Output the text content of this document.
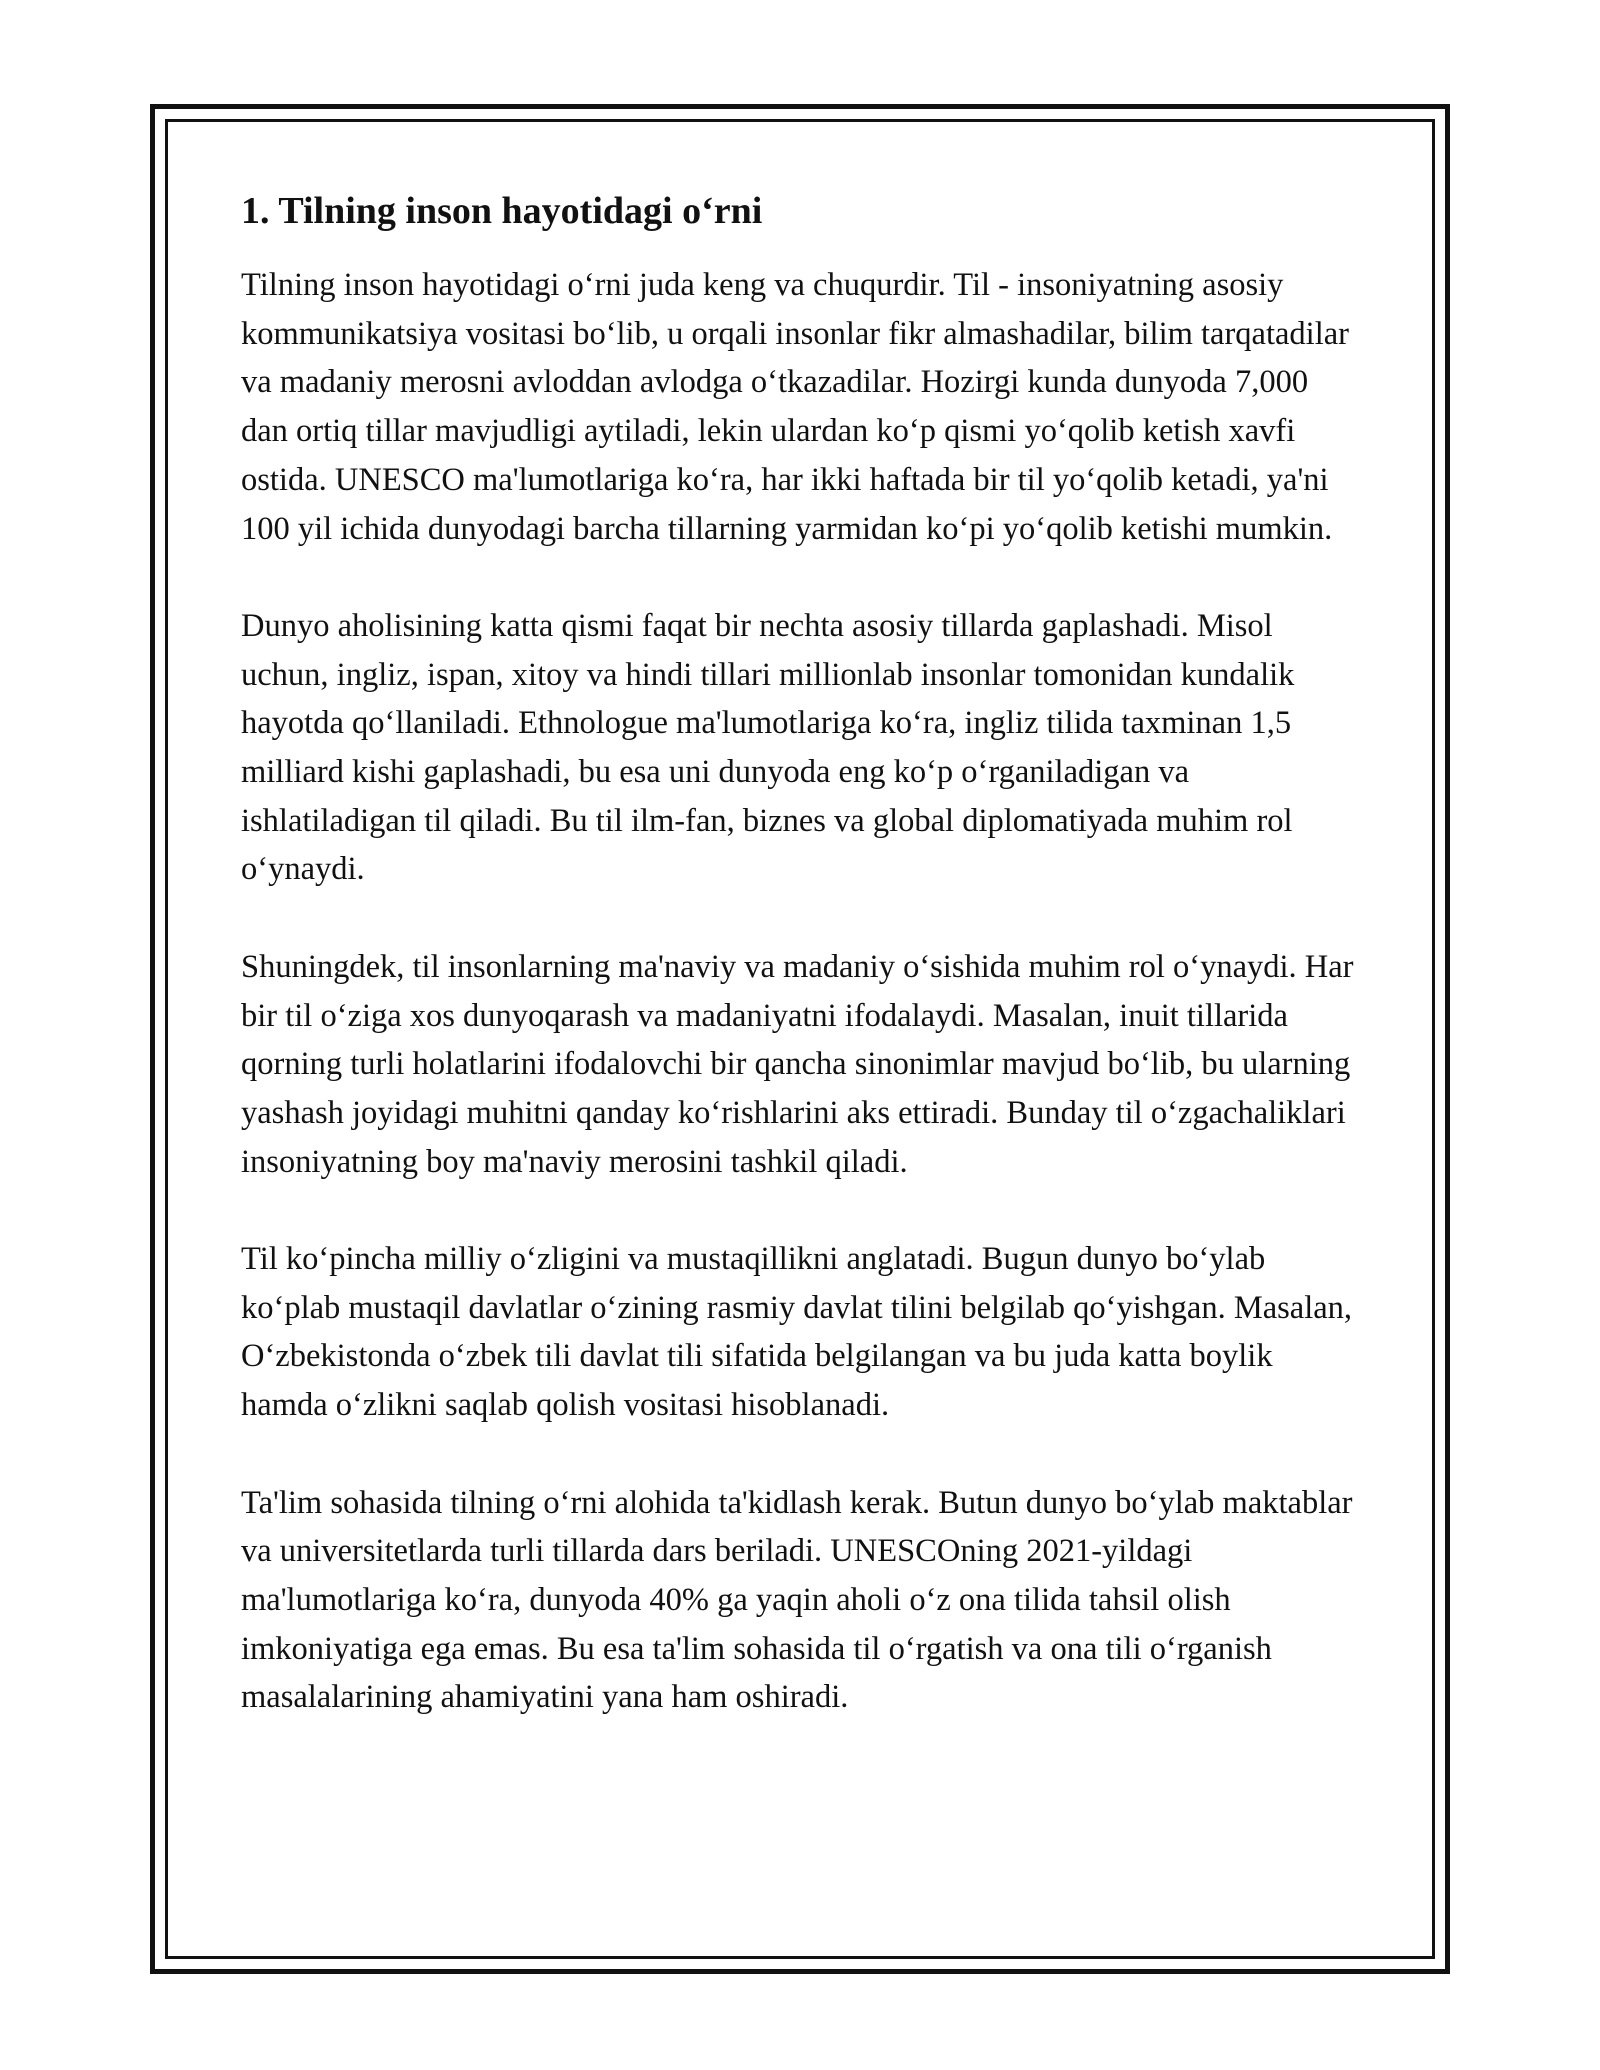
1. Tilning inson hayotidagi o‘rni

Tilning inson hayotidagi o‘rni juda keng va chuqurdir. Til - insoniyatning asosiy kommunikatsiya vositasi bo‘lib, u orqali insonlar fikr almashadilar, bilim tarqatadilar va madaniy merosni avloddan avlodga o‘tkazadilar. Hozirgi kunda dunyoda 7,000 dan ortiq tillar mavjudligi aytiladi, lekin ulardan ko‘p qismi yo‘qolib ketish xavfi ostida. UNESCO ma'lumotlariga ko‘ra, har ikki haftada bir til yo‘qolib ketadi, ya'ni 100 yil ichida dunyodagi barcha tillarning yarmidan ko‘pi yo‘qolib ketishi mumkin.

Dunyo aholisining katta qismi faqat bir nechta asosiy tillarda gaplashadi. Misol uchun, ingliz, ispan, xitoy va hindi tillari millionlab insonlar tomonidan kundalik hayotda qo‘llaniladi. Ethnologue ma'lumotlariga ko‘ra, ingliz tilida taxminan 1,5 milliard kishi gaplashadi, bu esa uni dunyoda eng ko‘p o‘rganiladigan va ishlatiladigan til qiladi. Bu til ilm-fan, biznes va global diplomatiyada muhim rol o‘ynaydi.

Shuningdek, til insonlarning ma'naviy va madaniy o‘sishida muhim rol o‘ynaydi. Har bir til o‘ziga xos dunyoqarash va madaniyatni ifodalaydi. Masalan, inuit tillarida qorning turli holatlarini ifodalovchi bir qancha sinonimlar mavjud bo‘lib, bu ularning yashash joyidagi muhitni qanday ko‘rishlarini aks ettiradi. Bunday til o‘zgachaliklari insoniyatning boy ma'naviy merosini tashkil qiladi.

Til ko‘pincha milliy o‘zligini va mustaqillikni anglatadi. Bugun dunyo bo‘ylab ko‘plab mustaqil davlatlar o‘zining rasmiy davlat tilini belgilab qo‘yishgan. Masalan, O‘zbekistonda o‘zbek tili davlat tili sifatida belgilangan va bu juda katta boylik hamda o‘zlikni saqlab qolish vositasi hisoblanadi.

Ta'lim sohasida tilning o‘rni alohida ta'kidlash kerak. Butun dunyo bo‘ylab maktablar va universitetlarda turli tillarda dars beriladi. UNESCOning 2021-yildagi ma'lumotlariga ko‘ra, dunyoda 40% ga yaqin aholi o‘z ona tilida tahsil olish imkoniyatiga ega emas. Bu esa ta'lim sohasida til o‘rgatish va ona tili o‘rganish masalalarining ahamiyatini yana ham oshiradi.
